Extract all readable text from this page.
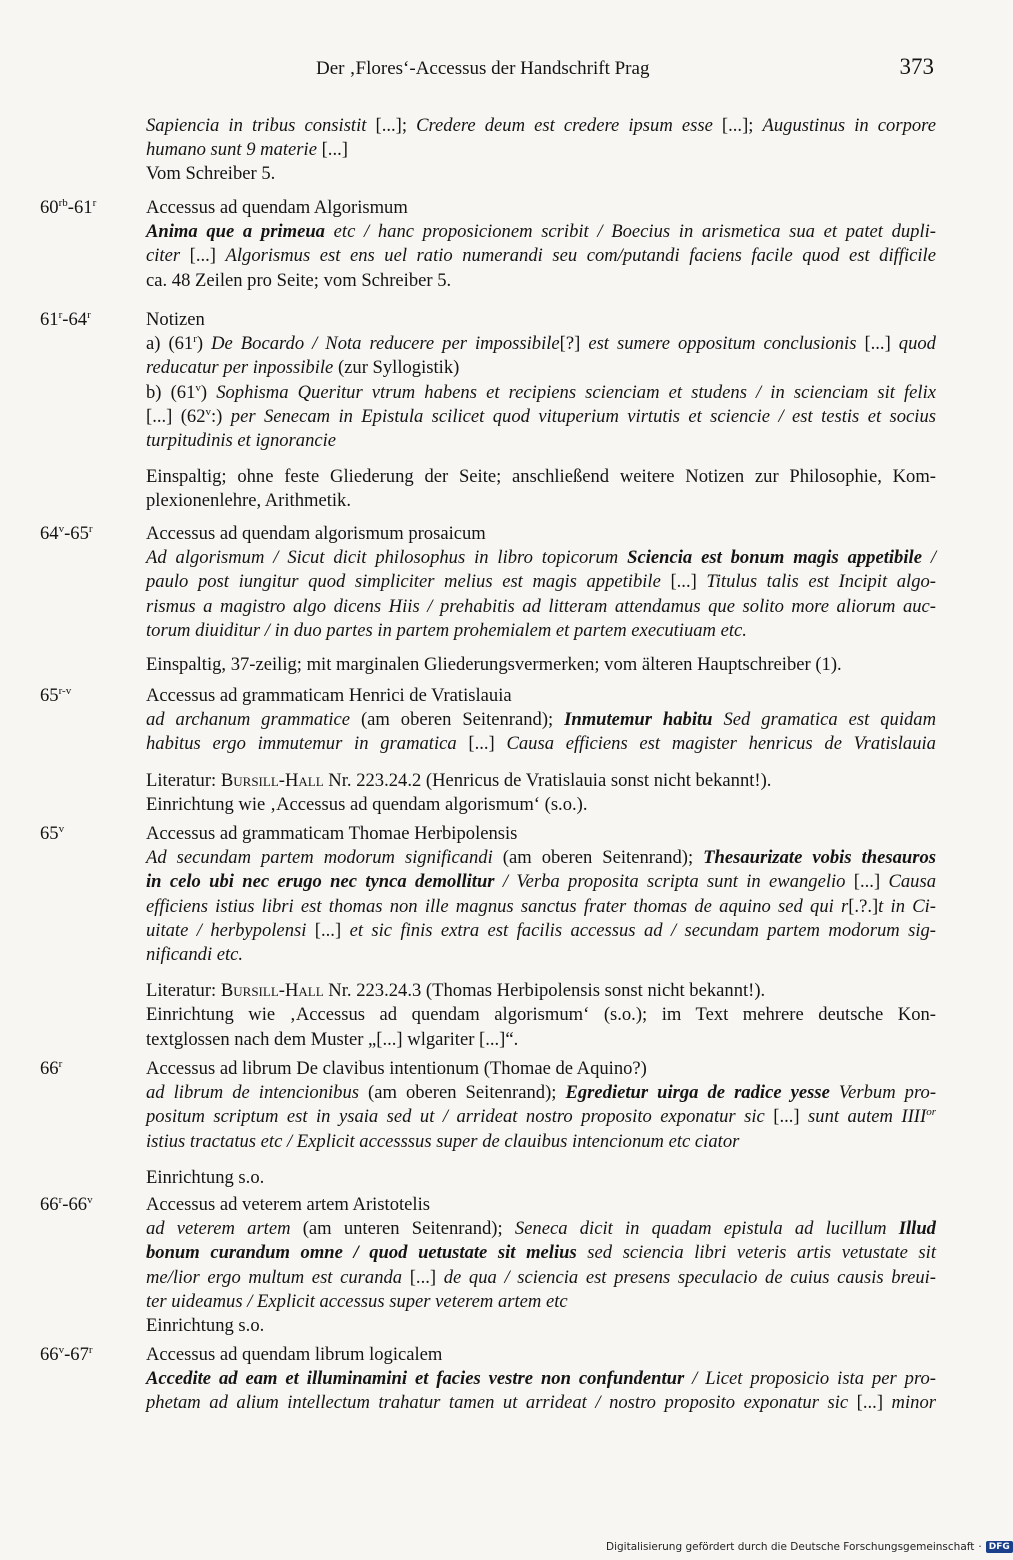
Der ‚Flores‘-Accessus der Handschrift Prag	373
Sapiencia in tribus consistit [...]; Credere deum est credere ipsum esse [...]; Augustinus in corpore
humano sunt 9 materie [...]
Vom Schreiber 5.
$60^{rb}-61^r$	Accessus ad quendam Algorismum
Anima que a primeua etc / hanc proposicionem scribit / Boecius in arismetica sua et patet dupli-
citer [...] Algorismus est ens uel ratio numerandi seu com/putandi faciens facile quod est difficile
ca. 48 Zeilen pro Seite; vom Schreiber 5.
61$^r$-64$^r$	Notizen
a) (61$^r$) De Bocardo / Nota reducere per impossibile[?] est sumere oppositum conclusionis [...] quod
reducatur per inpossibile (zur Syllogistik)
b) (61$^v$) Sophisma Queritur vtrum habens et recipiens scienciam et studens / in scienciam sit felix
[...] (62$^v$:) per Senecam in Epistula scilicet quod vituperium virtutis et sciencie / est testis et socius
turpitudinis et ignorancie
Einspaltig; ohne feste Gliederung der Seite; anschließend weitere Notizen zur Philosophie, Kom-
plexionenlehre, Arithmetik.
64$^v$-65$^r$	Accessus ad quendam algorismum prosaicum
Ad algorismum / Sicut dicit philosophus in libro topicorum Sciencia est bonum magis appetibile /
paulo post iungitur quod simpliciter melius est magis appetibile [...] Titulus talis est Incipit algo-
rismus a magistro algo dicens Hiis / prehabitis ad litteram attendamus que solito more aliorum auc-
torum diuiditur / in duo partes in partem prohemialem et partem executiuam etc.
Einspaltig, 37-zeilig; mit marginalen Gliederungsvermerken; vom älteren Hauptschreiber (1).
65$^{r-v}$	Accessus ad grammaticam Henrici de Vratislauia
ad archanum grammatice (am oberen Seitenrand); Inmutemur habitu Sed gramatica est quidam
habitus ergo immutemur in gramatica [...] Causa efficiens est magister henricus de Vratislauia
Literatur: Bursill-Hall Nr. 223.24.2 (Henricus de Vratislauia sonst nicht bekannt!).
Einrichtung wie ‚Accessus ad quendam algorismum‘ (s.o.).
65$^v$	Accessus ad grammaticam Thomae Herbipolensis
Ad secundam partem modorum significandi (am oberen Seitenrand); Thesaurizate vobis thesauros
in celo ubi nec erugo nec tynca demollitur / Verba proposita scripta sunt in ewangelio [...] Causa
efficiens istius libri est thomas non ille magnus sanctus frater thomas de aquino sed qui r[.?.]t in Ci-
uitate / herbypolensi [...] et sic finis extra est facilis accessus ad / secundam partem modorum sig-
nificandi etc.
Literatur: Bursill-Hall Nr. 223.24.3 (Thomas Herbipolensis sonst nicht bekannt!).
Einrichtung wie ‚Accessus ad quendam algorismum‘ (s.o.); im Text mehrere deutsche Kon-
textglossen nach dem Muster „[...] wlgariter [...]“.
66$^r$	Accessus ad librum De clavibus intentionum (Thomae de Aquino?)
ad librum de intencionibus (am oberen Seitenrand); Egredietur uirga de radice yesse Verbum pro-
positum scriptum est in ysaia sed ut / arrideat nostro proposito exponatur sic [...] sunt autem $IIII^{or}$
istius tractatus etc / Explicit accesssus super de clauibus intencionum etc ciator
Einrichtung s.o.
66$^r$-66$^v$	Accessus ad veterem artem Aristotelis
ad veterem artem (am unteren Seitenrand); Seneca dicit in quadam epistula ad lucillum Illud
bonum curandum omne / quod uetustate sit melius sed sciencia libri veteris artis vetustate sit
me/lior ergo multum est curanda [...] de qua / sciencia est presens speculacio de cuius causis breui-
ter uideamus / Explicit accessus super veterem artem etc
Einrichtung s.o.
66$^v$-67$^r$	Accessus ad quendam librum logicalem
Accedite ad eam et illuminamini et facies vestre non confundentur / Licet proposicio ista per pro-
phetam ad alium intellectum trahatur tamen ut arrideat / nostro proposito exponatur sic [...] minor
Digitalisierung gefördert durch die Deutsche Forschungsgemeinschaft · DFG
